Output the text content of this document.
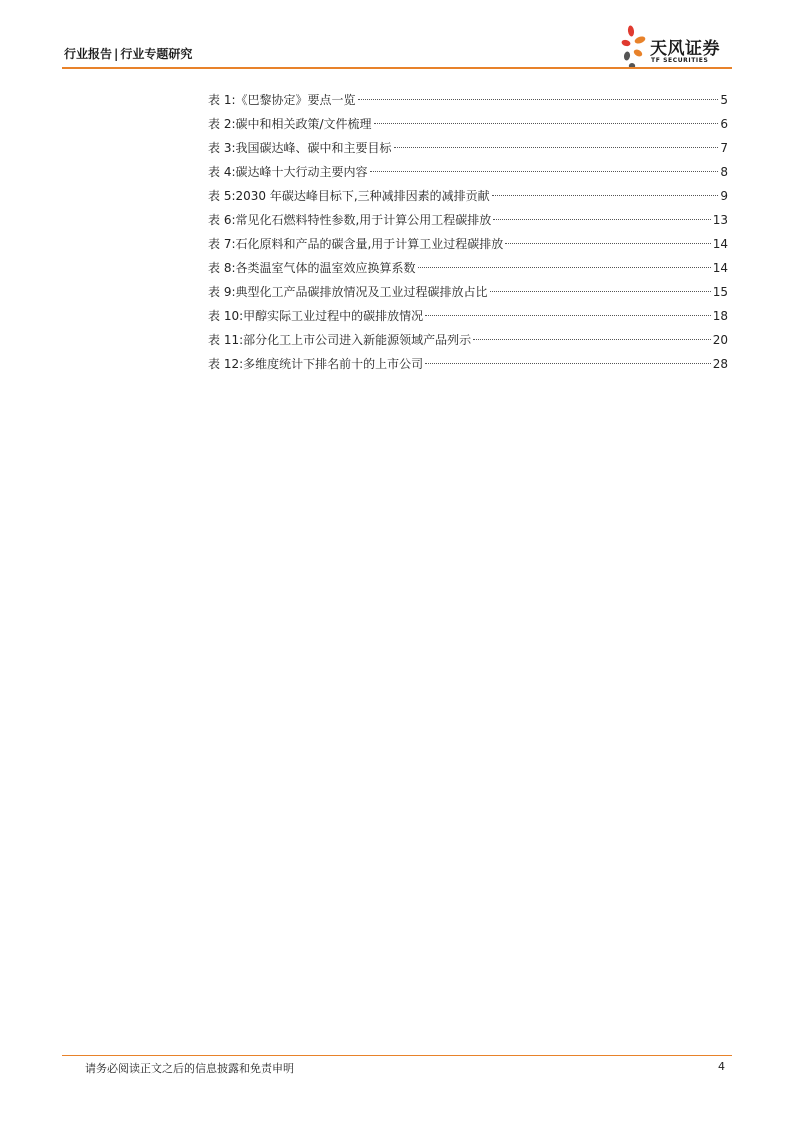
行业报告 | 行业专题研究	天风证券
TF SECURITIES
表 1:《巴黎协定》要点一览	5
表 2:碳中和相关政策/文件梳理	6
表 3:我国碳达峰、碳中和主要目标	7
表 4:碳达峰十大行动主要内容	8
表 5:2030 年碳达峰目标下,三种减排因素的减排贡献	9
表 6:常见化石燃料特性参数,用于计算公用工程碳排放	13
表 7:石化原料和产品的碳含量,用于计算工业过程碳排放	14
表 8:各类温室气体的温室效应换算系数	14
表 9:典型化工产品碳排放情况及工业过程碳排放占比	15
表 10:甲醇实际工业过程中的碳排放情况	18
表 11:部分化工上市公司进入新能源领域产品列示	20
表 12:多维度统计下排名前十的上市公司	28
请务必阅读正文之后的信息披露和免责申明	4
